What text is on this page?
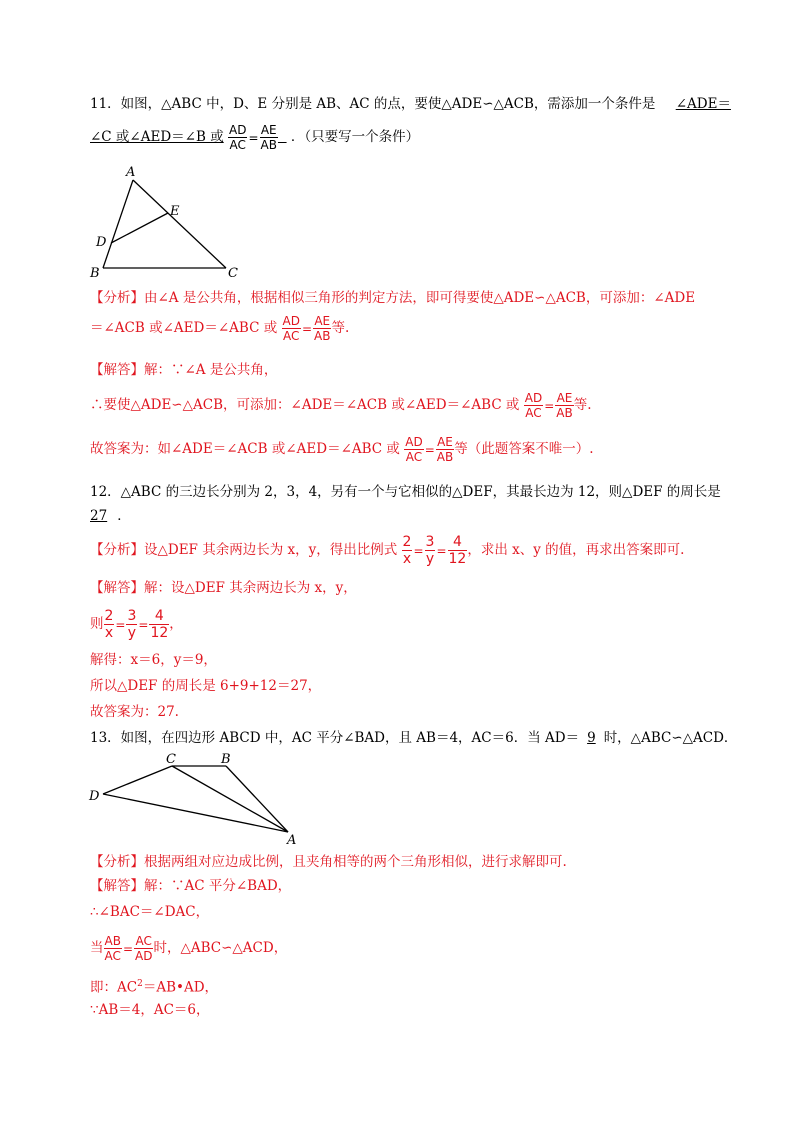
11．如图，△ABC 中，D、E 分别是 AB、AC 的点，要使△ADE∽△ACB，需添加一个条件是 ∠ADE＝
∠C 或∠AED＝∠B 或 $\frac{AD}{AC} = \frac{AE}{AB}$ ．（只要写一个条件）
A
B	C
D
E
【分析】由∠A 是公共角，根据相似三角形的判定方法，即可得要使△ADE∽△ACB，可添加：∠ADE
＝∠ACB 或∠AED＝∠ABC 或 $\frac{AD}{AC} = \frac{AE}{AB}$ 等.
【解答】解：∵∠A 是公共角，
∴要使△ADE∽△ACB，可添加：∠ADE＝∠ACB 或∠AED＝∠ABC 或 $\frac{AD}{AC} = \frac{AE}{AB}$ 等.
故答案为：如∠ADE＝∠ACB 或∠AED＝∠ABC 或 $\frac{AD}{AC} = \frac{AE}{AB}$ 等（此题答案不唯一）.
12．△ABC 的三边长分别为 2，3，4，另有一个与它相似的△DEF，其最长边为 12，则△DEF 的周长是
27 ．
【分析】设△DEF 其余两边长为 x，y，得出比例式 $\frac{2}{x} = \frac{3}{y} = \frac{4}{12}$ ，求出 x、y 的值，再求出答案即可.
【解答】解：设△DEF 其余两边长为 x，y，
则 $\frac{2}{x} = \frac{3}{y} = \frac{4}{12}$ ，
解得：x＝6，y＝9，
所以△DEF 的周长是 6+9+12＝27，
故答案为：27.
13．如图，在四边形 ABCD 中，AC 平分∠BAD，且 AB＝4，AC＝6．当 AD＝ 9 时，△ABC∽△ACD．
C	B
D
A
【分析】根据两组对应边成比例，且夹角相等的两个三角形相似，进行求解即可.
【解答】解：∵AC 平分∠BAD，
∴∠BAC＝∠DAC，
当 $\frac{AB}{AC} = \frac{AC}{AD}$ 时，△ABC∽△ACD，
即：$AC^2=AB•AD$，
∵AB＝4，AC＝6，
